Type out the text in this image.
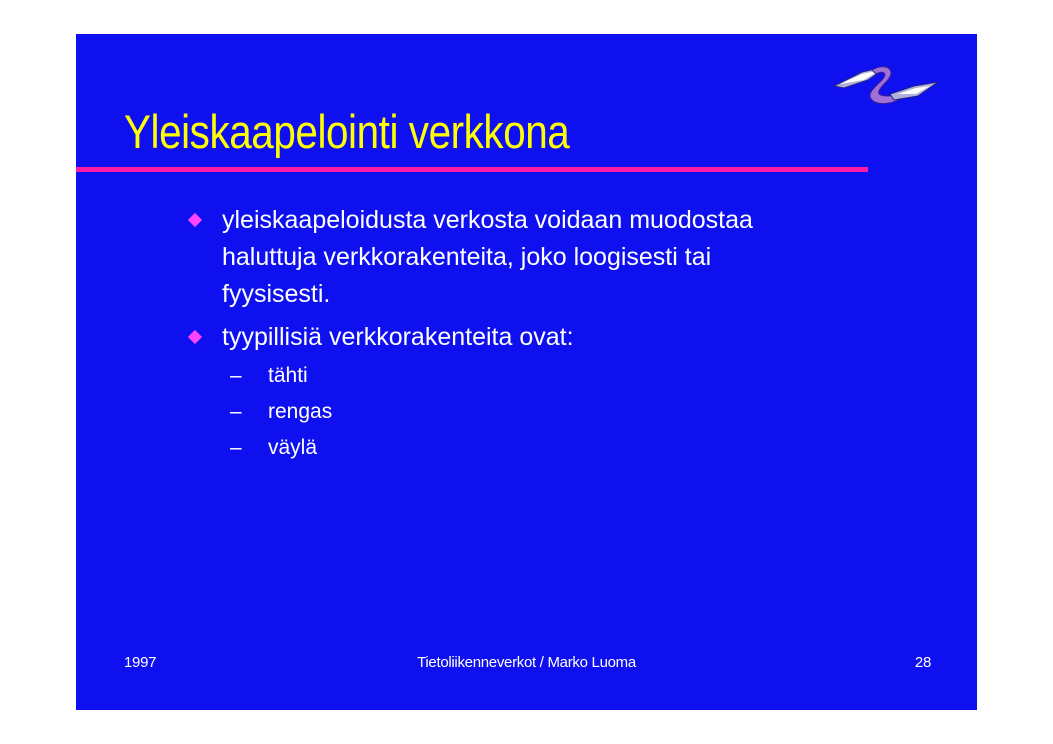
Yleiskaapelointi verkkona
yleiskaapeloidusta verkosta voidaan muodostaa
haluttuja verkkorakenteita, joko loogisesti tai
fyysisesti.
tyypillisiä verkkorakenteita ovat:
– tähti
– rengas
– väylä
1997	Tietoliikenneverkot / Marko Luoma	28
